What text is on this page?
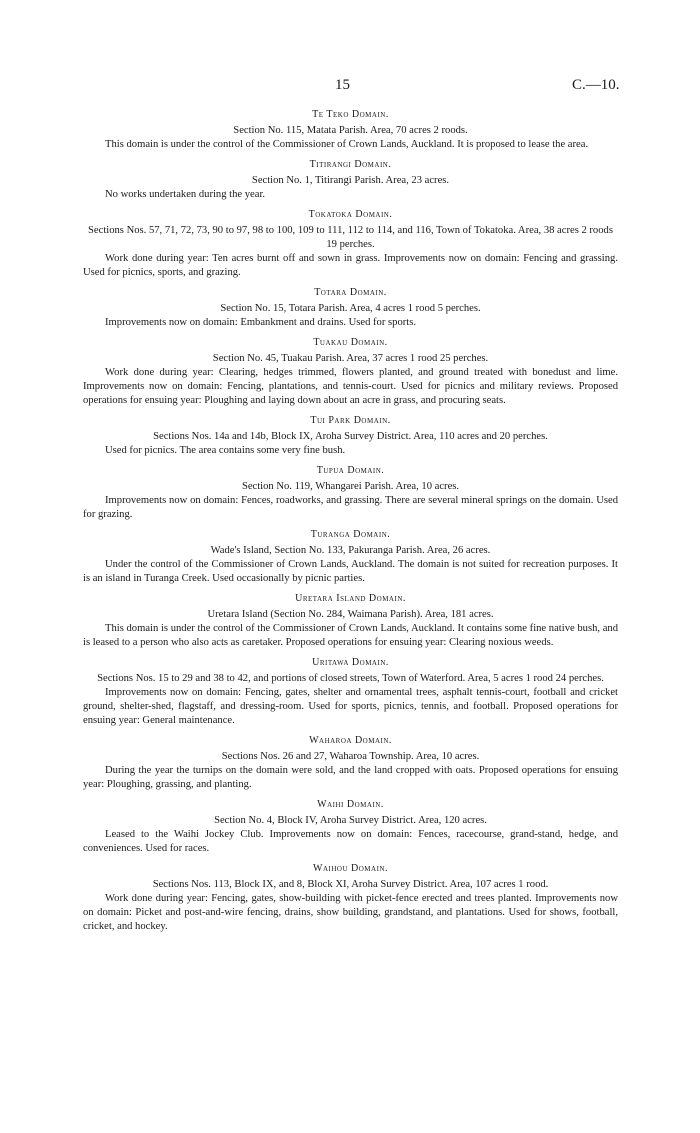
15	C.—10.
Te Teko Domain.
Section No. 115, Matata Parish. Area, 70 acres 2 roods.
This domain is under the control of the Commissioner of Crown Lands, Auckland. It is proposed to lease the area.
Titirangi Domain.
Section No. 1, Titirangi Parish. Area, 23 acres.
No works undertaken during the year.
Tokatoka Domain.
Sections Nos. 57, 71, 72, 73, 90 to 97, 98 to 100, 109 to 111, 112 to 114, and 116, Town of Tokatoka. Area, 38 acres 2 roods 19 perches.
Work done during year: Ten acres burnt off and sown in grass. Improvements now on domain: Fencing and grassing. Used for picnics, sports, and grazing.
Totara Domain.
Section No. 15, Totara Parish. Area, 4 acres 1 rood 5 perches.
Improvements now on domain: Embankment and drains. Used for sports.
Tuakau Domain.
Section No. 45, Tuakau Parish. Area, 37 acres 1 rood 25 perches.
Work done during year: Clearing, hedges trimmed, flowers planted, and ground treated with bonedust and lime. Improvements now on domain: Fencing, plantations, and tennis-court. Used for picnics and military reviews. Proposed operations for ensuing year: Ploughing and laying down about an acre in grass, and procuring seats.
Tui Park Domain.
Sections Nos. 14a and 14b, Block IX, Aroha Survey District. Area, 110 acres and 20 perches.
Used for picnics. The area contains some very fine bush.
Tupua Domain.
Section No. 119, Whangarei Parish. Area, 10 acres.
Improvements now on domain: Fences, roadworks, and grassing. There are several mineral springs on the domain. Used for grazing.
Turanga Domain.
Wade's Island, Section No. 133, Pakuranga Parish. Area, 26 acres.
Under the control of the Commissioner of Crown Lands, Auckland. The domain is not suited for recreation purposes. It is an island in Turanga Creek. Used occasionally by picnic parties.
Uretara Island Domain.
Uretara Island (Section No. 284, Waimana Parish). Area, 181 acres.
This domain is under the control of the Commissioner of Crown Lands, Auckland. It contains some fine native bush, and is leased to a person who also acts as caretaker. Proposed operations for ensuing year: Clearing noxious weeds.
Uritawa Domain.
Sections Nos. 15 to 29 and 38 to 42, and portions of closed streets, Town of Waterford. Area, 5 acres 1 rood 24 perches.
Improvements now on domain: Fencing, gates, shelter and ornamental trees, asphalt tennis-court, football and cricket ground, shelter-shed, flagstaff, and dressing-room. Used for sports, picnics, tennis, and football. Proposed operations for ensuing year: General maintenance.
Waharoa Domain.
Sections Nos. 26 and 27, Waharoa Township. Area, 10 acres.
During the year the turnips on the domain were sold, and the land cropped with oats. Proposed operations for ensuing year: Ploughing, grassing, and planting.
Waihi Domain.
Section No. 4, Block IV, Aroha Survey District. Area, 120 acres.
Leased to the Waihi Jockey Club. Improvements now on domain: Fences, racecourse, grand-stand, hedge, and conveniences. Used for races.
Waihou Domain.
Sections Nos. 113, Block IX, and 8, Block XI, Aroha Survey District. Area, 107 acres 1 rood.
Work done during year: Fencing, gates, show-building with picket-fence erected and trees planted. Improvements now on domain: Picket and post-and-wire fencing, drains, show building, grandstand, and plantations. Used for shows, football, cricket, and hockey.
